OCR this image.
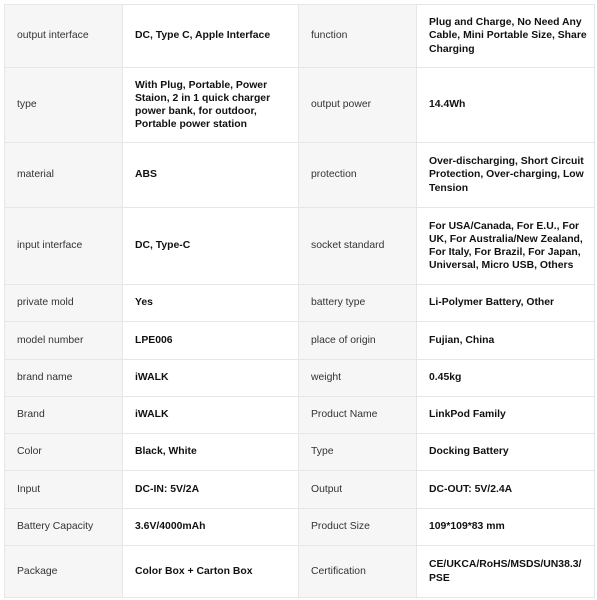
output interface	DC, Type C, Apple Interface	function	Plug and Charge, No Need Any Cable, Mini Portable Size, Share Charging
type	With Plug, Portable, Power Staion, 2 in 1 quick charger power bank, for outdoor, Portable power station	output power	14.4Wh
material	ABS	protection	Over-discharging, Short Circuit Protection, Over-charging, Low Tension
input interface	DC, Type-C	socket standard	For USA/Canada, For E.U., For UK, For Australia/New Zealand, For Italy, For Brazil, For Japan, Universal, Micro USB, Others
private mold	Yes	battery type	Li-Polymer Battery, Other
model number	LPE006	place of origin	Fujian, China
brand name	iWALK	weight	0.45kg
Brand	iWALK	Product Name	LinkPod Family
Color	Black, White	Type	Docking Battery
Input	DC-IN: 5V/2A	Output	DC-OUT: 5V/2.4A
Battery Capacity	3.6V/4000mAh	Product Size	109*109*83 mm
Package	Color Box + Carton Box	Certification	CE/UKCA/RoHS/MSDS/UN38.3/PSE
